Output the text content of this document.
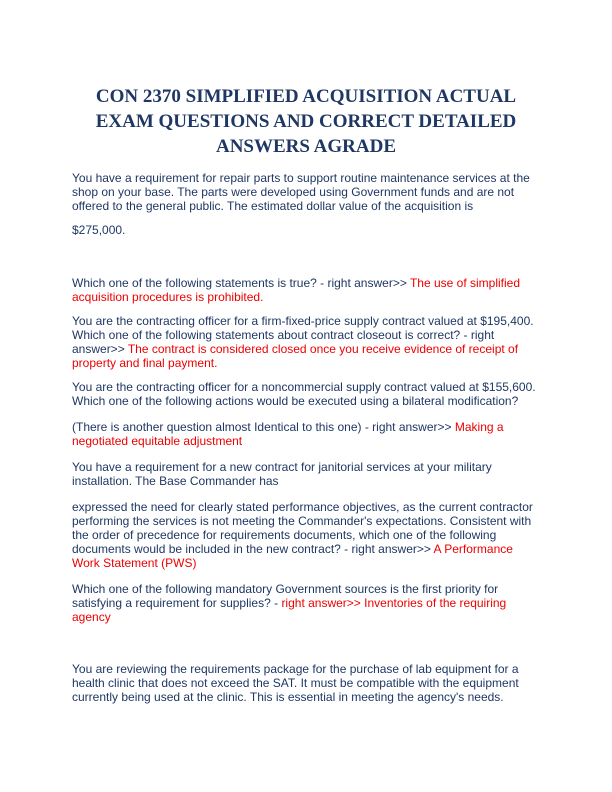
CON 2370 SIMPLIFIED ACQUISITION ACTUAL EXAM QUESTIONS AND CORRECT DETAILED ANSWERS AGRADE

You have a requirement for repair parts to support routine maintenance services at the shop on your base. The parts were developed using Government funds and are not offered to the general public. The estimated dollar value of the acquisition is

$275,000.

Which one of the following statements is true? - right answer>> The use of simplified acquisition procedures is prohibited.

You are the contracting officer for a firm-fixed-price supply contract valued at $195,400. Which one of the following statements about contract closeout is correct? - right answer>> The contract is considered closed once you receive evidence of receipt of property and final payment.

You are the contracting officer for a noncommercial supply contract valued at $155,600. Which one of the following actions would be executed using a bilateral modification?

(There is another question almost Identical to this one) - right answer>> Making a negotiated equitable adjustment

You have a requirement for a new contract for janitorial services at your military installation. The Base Commander has

expressed the need for clearly stated performance objectives, as the current contractor performing the services is not meeting the Commander's expectations. Consistent with the order of precedence for requirements documents, which one of the following documents would be included in the new contract? - right answer>> A Performance Work Statement (PWS)

Which one of the following mandatory Government sources is the first priority for satisfying a requirement for supplies? - right answer>> Inventories of the requiring agency

You are reviewing the requirements package for the purchase of lab equipment for a health clinic that does not exceed the SAT. It must be compatible with the equipment currently being used at the clinic. This is essential in meeting the agency's needs.
